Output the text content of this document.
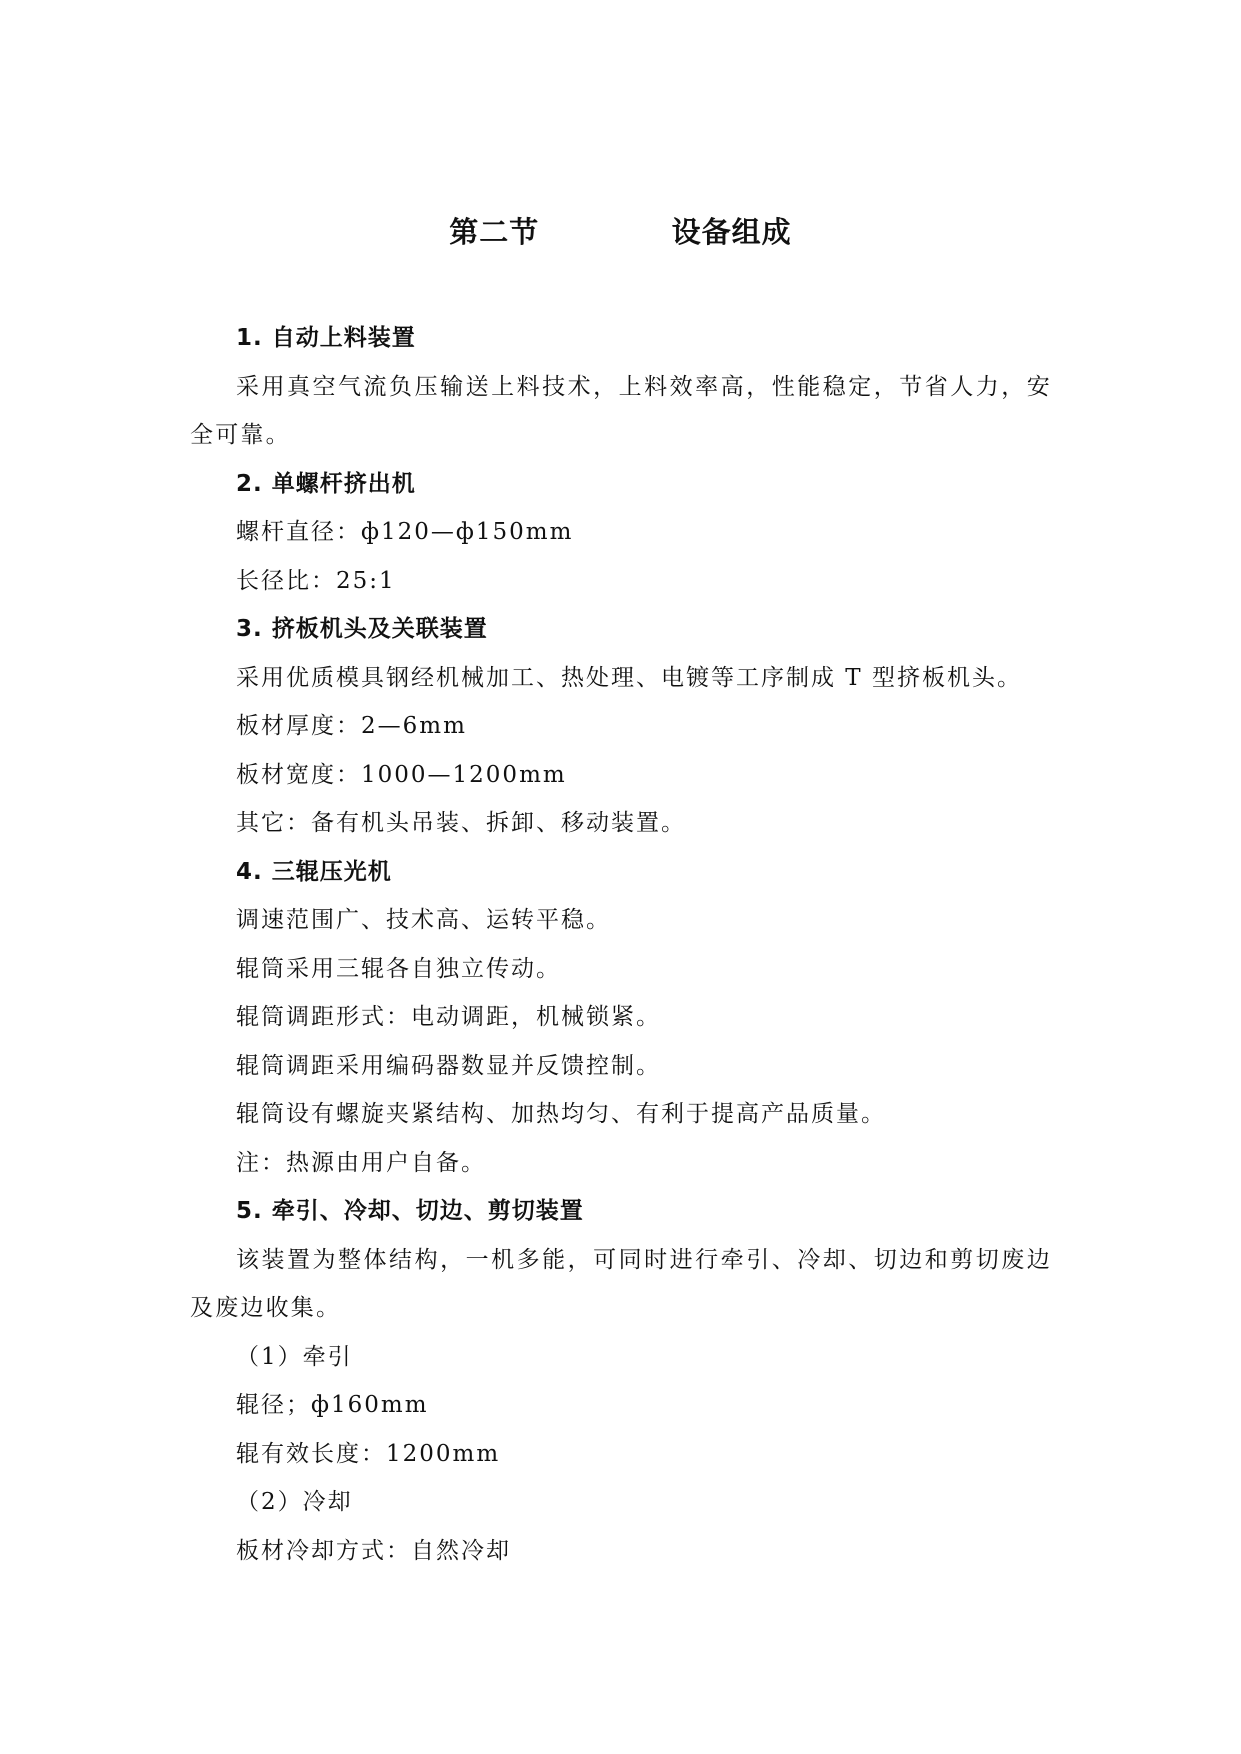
第二节    设备组成
1. 自动上料装置
采用真空气流负压输送上料技术，上料效率高，性能稳定，节省人力，安全可靠。
2. 单螺杆挤出机
螺杆直径：ф120—ф150mm
长径比：25:1
3. 挤板机头及关联装置
采用优质模具钢经机械加工、热处理、电镀等工序制成 T 型挤板机头。
板材厚度：2—6mm
板材宽度：1000—1200mm
其它：备有机头吊装、拆卸、移动装置。
4. 三辊压光机
调速范围广、技术高、运转平稳。
辊筒采用三辊各自独立传动。
辊筒调距形式：电动调距，机械锁紧。
辊筒调距采用编码器数显并反馈控制。
辊筒设有螺旋夹紧结构、加热均匀、有利于提高产品质量。
注：热源由用户自备。
5. 牵引、冷却、切边、剪切装置
该装置为整体结构，一机多能，可同时进行牵引、冷却、切边和剪切废边及废边收集。
（1）牵引
辊径；ф160mm
辊有效长度：1200mm
（2）冷却
板材冷却方式：自然冷却
